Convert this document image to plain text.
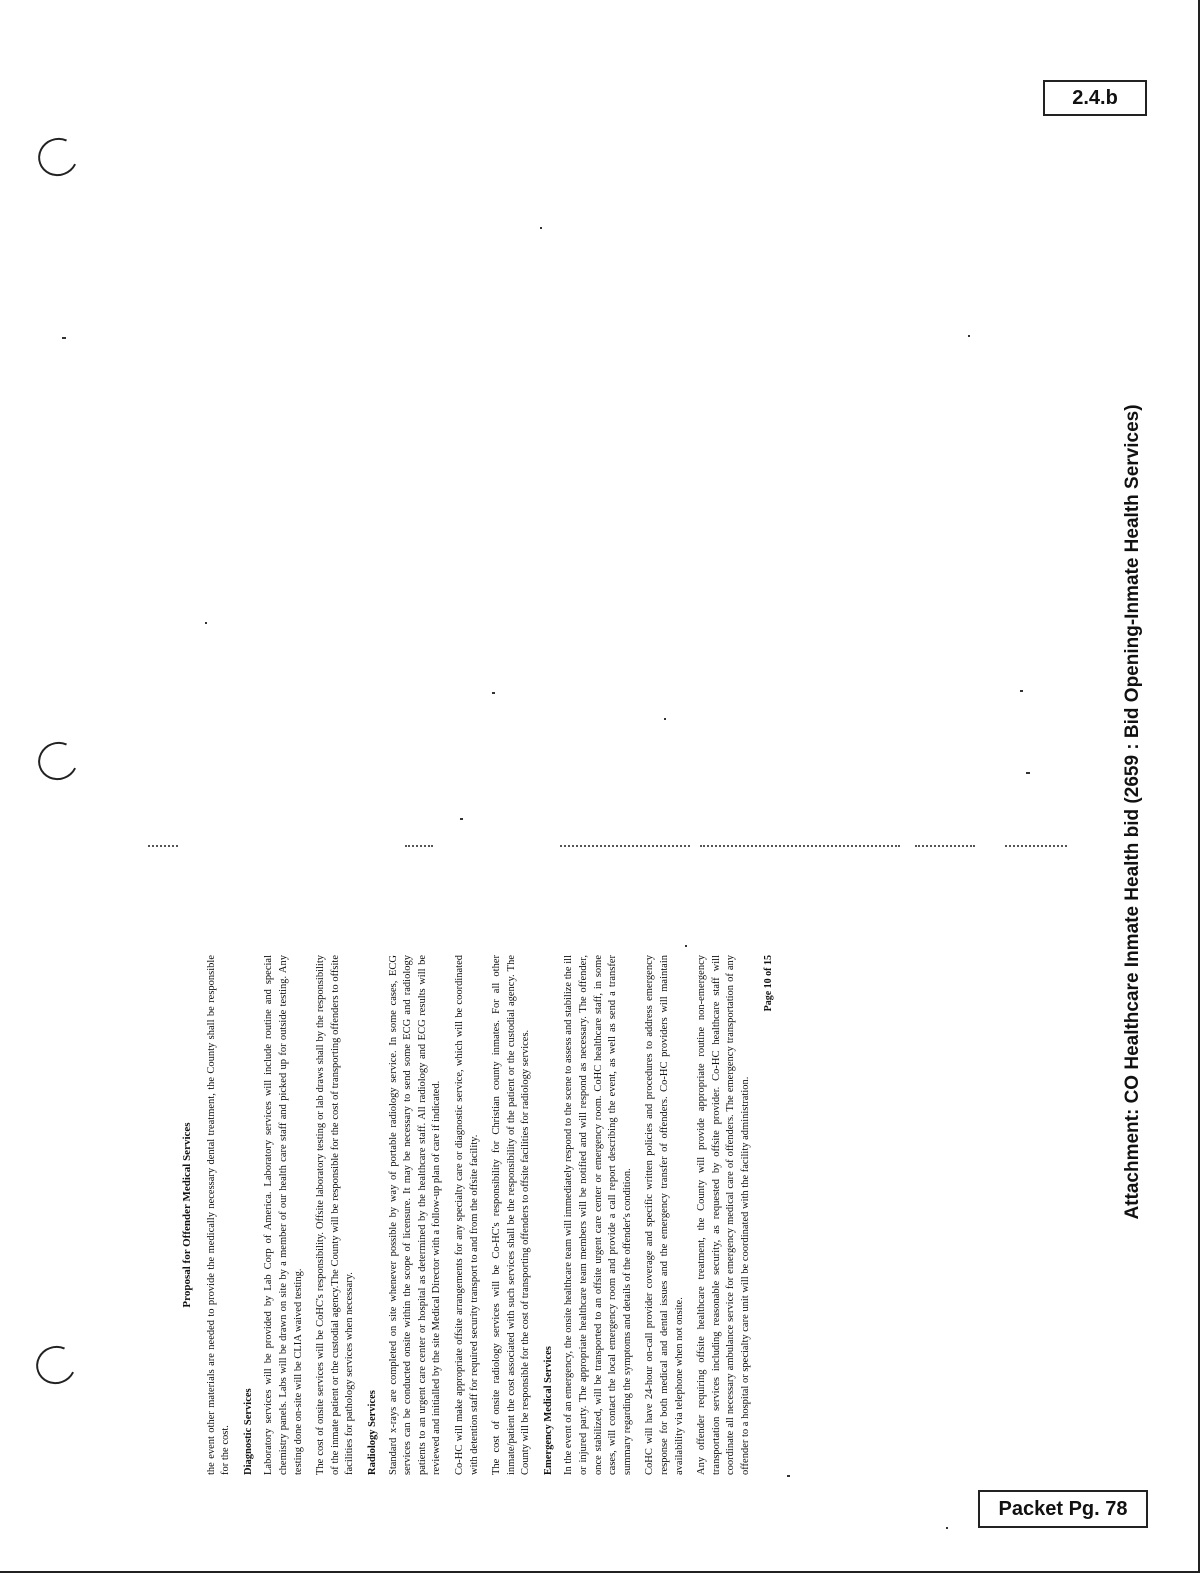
2.4.b
Packet Pg. 78
Attachment: CO Healthcare Inmate Health bid (2659 : Bid Opening-Inmate Health Services)
Proposal for Offender Medical Services the event other materials are needed to provide the medically necessary dental treatment, the County shall be responsible for the cost. Diagnostic Services Laboratory services will be provided by Lab Corp of America. Laboratory services will include routine and special chemistry panels. Labs will be drawn on site by a member of our health care staff and picked up for outside testing. Any testing done on-site will be CLIA waived testing. The cost of onsite services will be CoHC's responsibility. Offsite laboratory testing or lab draws shall by the responsibility of the inmate patient or the custodial agency.The County will be responsible for the cost of transporting offenders to offsite facilities for pathology services when necessary. Radiology Services Standard x-rays are completed on site whenever possible by way of portable radiology service. In some cases, ECG services can be conducted onsite within the scope of licensure. It may be necessary to send some ECG and radiology patients to an urgent care center or hospital as determined by the healthcare staff. All radiology and ECG results will be reviewed and initialled by the site Medical Director with a follow-up plan of care if indicated. Co-HC will make appropriate offsite arrangements for any specialty care or diagnostic service, which will be coordinated with detention staff for required security transport to and from the offsite facility. The cost of onsite radiology services will be Co-HC's responsibility for Christian county inmates. For all other inmate/patient the cost associated with such services shall be the responsibility of the patient or the custodial agency. The County will be responsible for the cost of transporting offenders to offsite facilities for radiology services. Emergency Medical Services In the event of an emergency, the onsite healthcare team will immediately respond to the scene to assess and stabilize the ill or injured party. The appropriate healthcare team members will be notified and will respond as necessary. The offender, once stabilized, will be transported to an offsite urgent care center or emergency room. CoHC healthcare staff, in some cases, will contact the local emergency room and provide a call report describing the event, as well as send a transfer summary regarding the symptoms and details of the offender's condition. CoHC will have 24-hour on-call provider coverage and specific written policies and procedures to address emergency response for both medical and dental issues and the emergency transfer of offenders. Co-HC providers will maintain availability via telephone when not onsite. Any offender requiring offsite healthcare treatment, the County will provide appropriate routine non-emergency transportation services including reasonable security, as requested by offsite provider. Co-HC healthcare staff will coordinate all necessary ambulance service for emergency medical care of offenders. The emergency transportation of any offender to a hospital or specialty care unit will be coordinated with the facility administration.

Page 10 of 15
